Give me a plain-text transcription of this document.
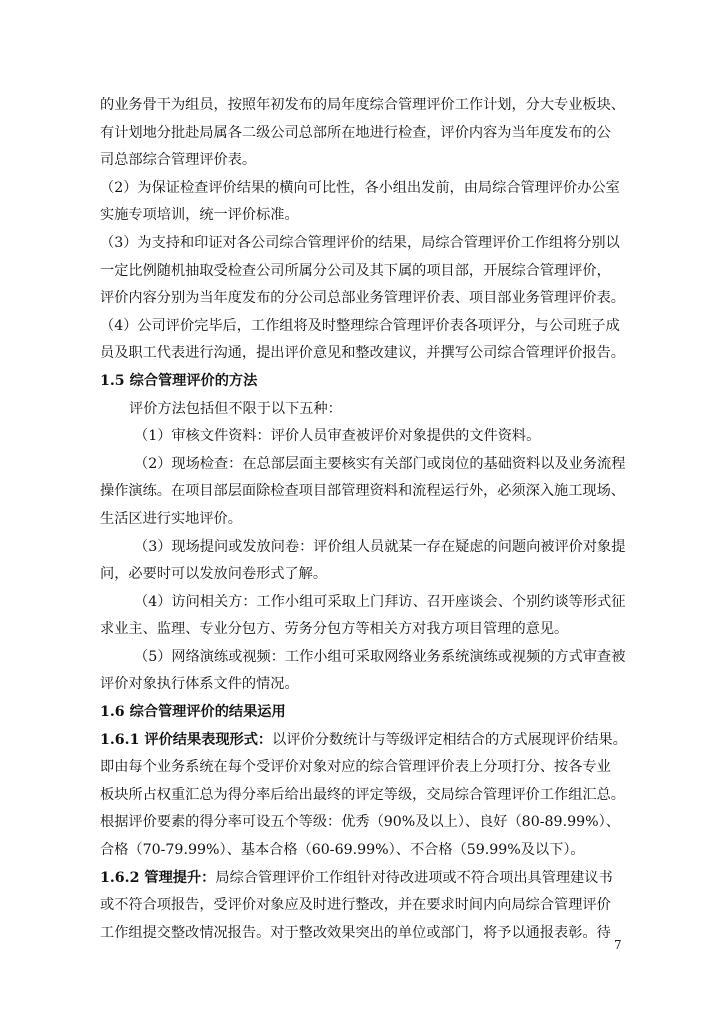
的业务骨干为组员，按照年初发布的局年度综合管理评价工作计划，分大专业板块、
有计划地分批赴局属各二级公司总部所在地进行检查，评价内容为当年度发布的公
司总部综合管理评价表。
（2）为保证检查评价结果的横向可比性，各小组出发前，由局综合管理评价办公室
实施专项培训，统一评价标准。
（3）为支持和印证对各公司综合管理评价的结果，局综合管理评价工作组将分别以
一定比例随机抽取受检查公司所属分公司及其下属的项目部，开展综合管理评价，
评价内容分别为当年度发布的分公司总部业务管理评价表、项目部业务管理评价表。
（4）公司评价完毕后，工作组将及时整理综合管理评价表各项评分，与公司班子成
员及职工代表进行沟通，提出评价意见和整改建议，并撰写公司综合管理评价报告。
1.5 综合管理评价的方法
评价方法包括但不限于以下五种：
（1）审核文件资料：评价人员审查被评价对象提供的文件资料。
（2）现场检查：在总部层面主要核实有关部门或岗位的基础资料以及业务流程
操作演练。在项目部层面除检查项目部管理资料和流程运行外，必须深入施工现场、
生活区进行实地评价。
（3）现场提问或发放问卷：评价组人员就某一存在疑虑的问题向被评价对象提
问，必要时可以发放问卷形式了解。
（4）访问相关方：工作小组可采取上门拜访、召开座谈会、个别约谈等形式征
求业主、监理、专业分包方、劳务分包方等相关方对我方项目管理的意见。
（5）网络演练或视频：工作小组可采取网络业务系统演练或视频的方式审查被
评价对象执行体系文件的情况。
1.6 综合管理评价的结果运用
1.6.1 评价结果表现形式：以评价分数统计与等级评定相结合的方式展现评价结果。
即由每个业务系统在每个受评价对象对应的综合管理评价表上分项打分、按各专业
板块所占权重汇总为得分率后给出最终的评定等级，交局综合管理评价工作组汇总。
根据评价要素的得分率可设五个等级：优秀（90%及以上）、良好（80-89.99%）、
合格（70-79.99%）、基本合格（60-69.99%）、不合格（59.99%及以下）。
1.6.2 管理提升：局综合管理评价工作组针对待改进项或不符合项出具管理建议书
或不符合项报告，受评价对象应及时进行整改，并在要求时间内向局综合管理评价
工作组提交整改情况报告。对于整改效果突出的单位或部门，将予以通报表彰。待
7
